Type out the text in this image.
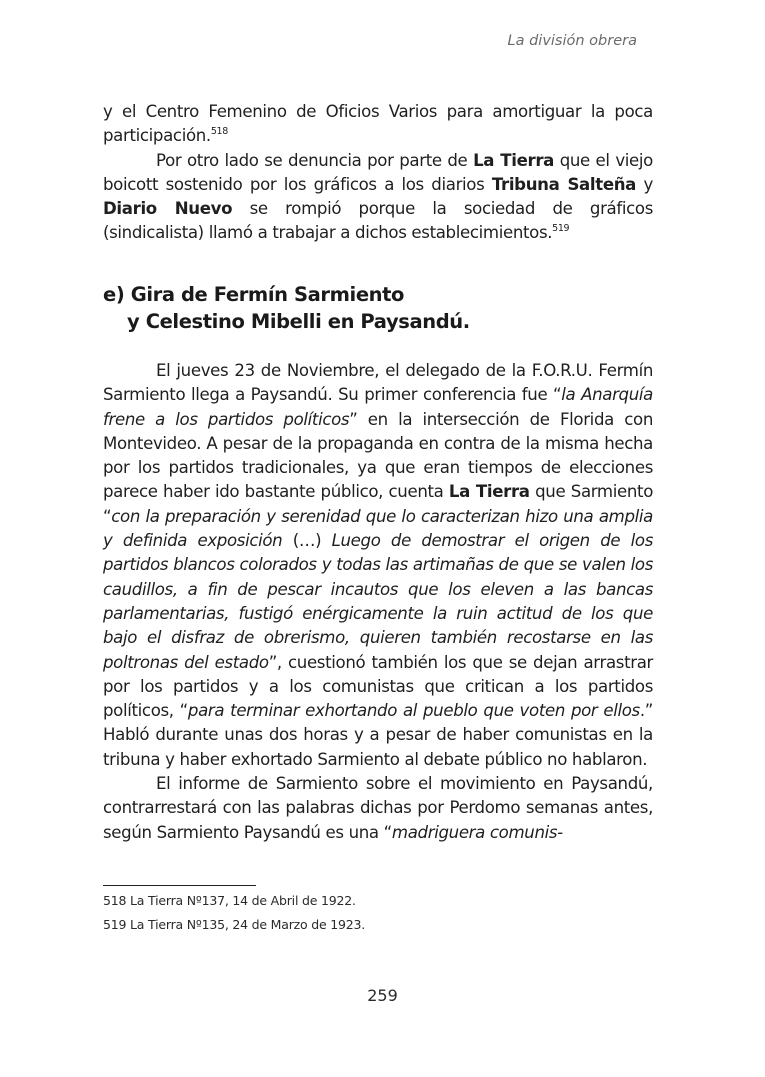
La división obrera

y el Centro Femenino de Oficios Varios para amortiguar la poca participación.$^{518}$

Por otro lado se denuncia por parte de La Tierra que el viejo boicott sostenido por los gráficos a los diarios Tribuna Salteña y Diario Nuevo se rompió porque la sociedad de gráficos (sindicalista) llamó a trabajar a dichos establecimientos.$^{519}$

e) Gira de Fermín Sarmiento
y Celestino Mibelli en Paysandú.

El jueves 23 de Noviembre, el delegado de la F.O.R.U. Fermín Sarmiento llega a Paysandú. Su primer conferencia fue “la Anarquía frene a los partidos políticos” en la intersección de Florida con Montevideo. A pesar de la propaganda en contra de la misma hecha por los partidos tradicionales, ya que eran tiempos de elecciones parece haber ido bastante público, cuenta La Tierra que Sarmiento “con la preparación y serenidad que lo caracterizan hizo una amplia y definida exposición (…) Luego de demostrar el origen de los partidos blancos colorados y todas las artimañas de que se valen los caudillos, a fin de pescar incautos que los eleven a las bancas parlamentarias, fustigó enérgicamente la ruin actitud de los que bajo el disfraz de obrerismo, quieren también recostarse en las poltronas del estado”, cuestionó también los que se dejan arrastrar por los partidos y a los comunistas que critican a los partidos políticos, “para terminar exhortando al pueblo que voten por ellos.” Habló durante unas dos horas y a pesar de haber comunistas en la tribuna y haber exhortado Sarmiento al debate público no hablaron.

El informe de Sarmiento sobre el movimiento en Paysandú, contrarrestará con las palabras dichas por Perdomo semanas antes, según Sarmiento Paysandú es una “madriguera comunis-

518 La Tierra Nº137, 14 de Abril de 1922.
519 La Tierra Nº135, 24 de Marzo de 1923.
259
